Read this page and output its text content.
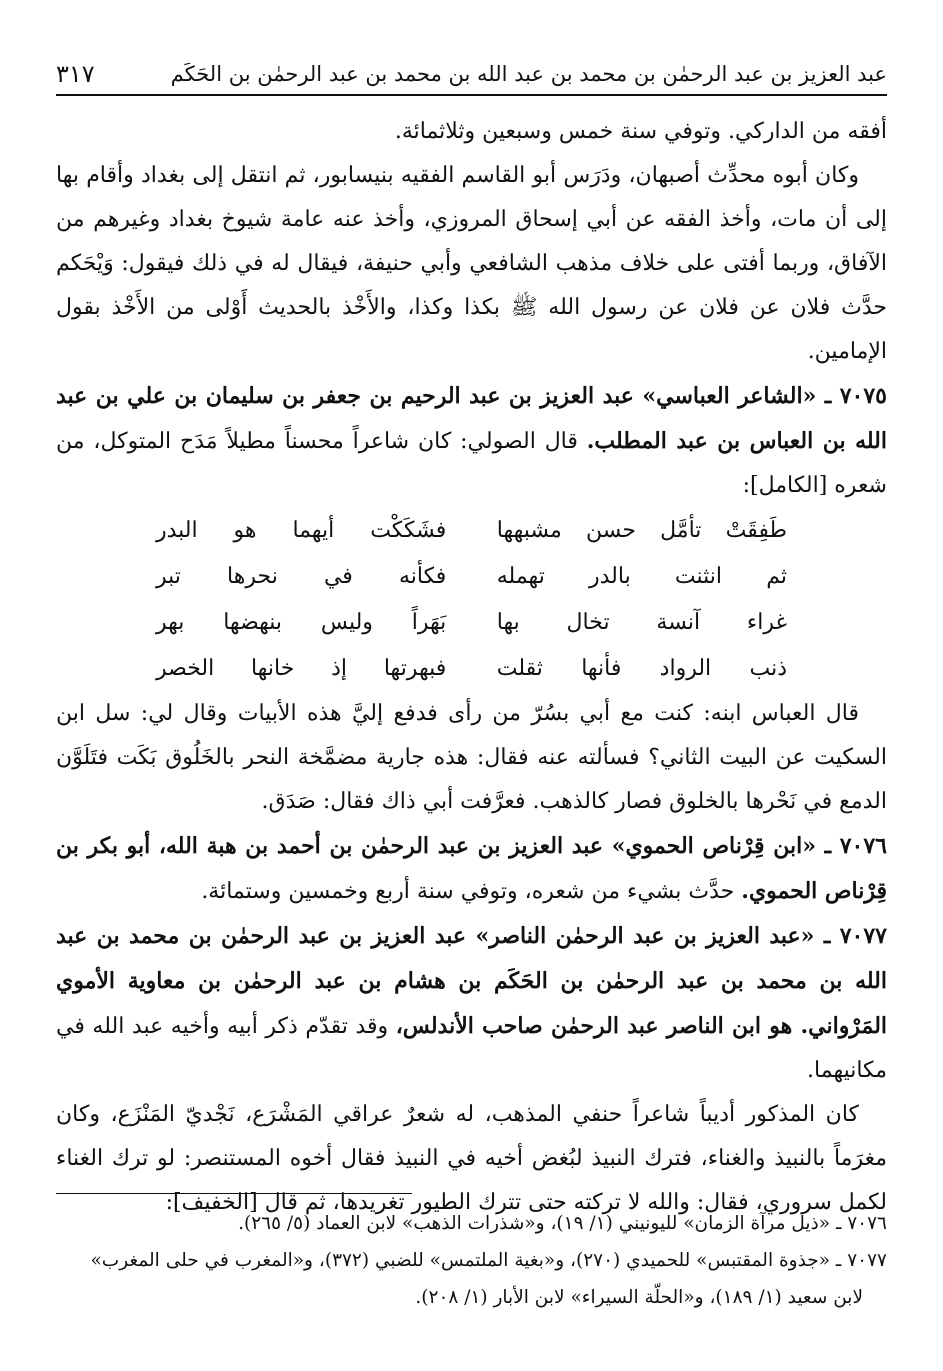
عبد العزيز بن عبد الرحمٰن بن محمد بن عبد الله بن محمد بن عبد الرحمٰن بن الحَكَم
٣١٧

أفقه من الداركي. وتوفي سنة خمس وسبعين وثلاثمائة.

وكان أبوه محدِّث أصبهان، ودَرَس أبو القاسم الفقيه بنيسابور، ثم انتقل إلى بغداد وأقام بها إلى أن مات، وأخذ الفقه عن أبي إسحاق المروزي، وأخذ عنه عامة شيوخ بغداد وغيرهم من الآفاق، وربما أفتى على خلاف مذهب الشافعي وأبي حنيفة، فيقال له في ذلك فيقول: وَيْحَكم حدَّث فلان عن فلان عن رسول الله ﷺ بكذا وكذا، والأَخْذ بالحديث أَوْلى من الأَخْذ بقول الإمامين.

٧٠٧٥ ـ «الشاعر العباسي» عبد العزيز بن عبد الرحيم بن جعفر بن سليمان بن علي بن عبد الله بن العباس بن عبد المطلب. قال الصولي: كان شاعراً محسناً مطيلاً مَدَح المتوكل، من شعره [الكامل]:

طَفِقَتْ تأمَّل حسن مشبهها
فشَكَكْت أيهما هو البدر
ثم انثنت بالدر تهمله
فكأنه في نحرها تبر
غراء آنسة تخال بها
بَهَراً وليس بنهضها بهر
ذنب الرواد فأنها ثقلت
فبهرتها إذ خانها الخصر

قال العباس ابنه: كنت مع أبي بسُرّ من رأى فدفع إليَّ هذه الأبيات وقال لي: سل ابن السكيت عن البيت الثاني؟ فسألته عنه فقال: هذه جارية مضمَّخة النحر بالخَلُوق بَكَت فتَلَوَّن الدمع في نَحْرها بالخلوق فصار كالذهب. فعرَّفت أبي ذاك فقال: صَدَق.

٧٠٧٦ ـ «ابن قِرْناص الحموي» عبد العزيز بن عبد الرحمٰن بن أحمد بن هبة الله، أبو بكر بن قِرْناص الحموي. حدَّث بشيء من شعره، وتوفي سنة أربع وخمسين وستمائة.

٧٠٧٧ ـ «عبد العزيز بن عبد الرحمٰن الناصر» عبد العزيز بن عبد الرحمٰن بن محمد بن عبد الله بن محمد بن عبد الرحمٰن بن الحَكَم بن هشام بن عبد الرحمٰن بن معاوية الأموي المَرْواني. هو ابن الناصر عبد الرحمٰن صاحب الأندلس، وقد تقدّم ذكر أبيه وأخيه عبد الله في مكانيهما.

كان المذكور أديباً شاعراً حنفي المذهب، له شعرٌ عراقي المَشْرَع، نَجْديّ المَنْزَع، وكان مغرَماً بالنبيذ والغناء، فترك النبيذ لبُغض أخيه في النبيذ فقال أخوه المستنصر: لو ترك الغناء لكمل سروري، فقال: والله لا تركته حتى تترك الطيور تغريدها، ثم قال [الخفيف]:

٧٠٧٦ ـ «ذيل مرآة الزمان» لليونيني (١/ ١٩)، و«شذرات الذهب» لابن العماد (٥/ ٢٦٥).

٧٠٧٧ ـ «جذوة المقتبس» للحميدي (٢٧٠)، و«بغية الملتمس» للضبي (٣٧٢)، و«المغرب في حلى المغرب»

لابن سعيد (١/ ١٨٩)، و«الحلّة السيراء» لابن الأبار (١/ ٢٠٨).
